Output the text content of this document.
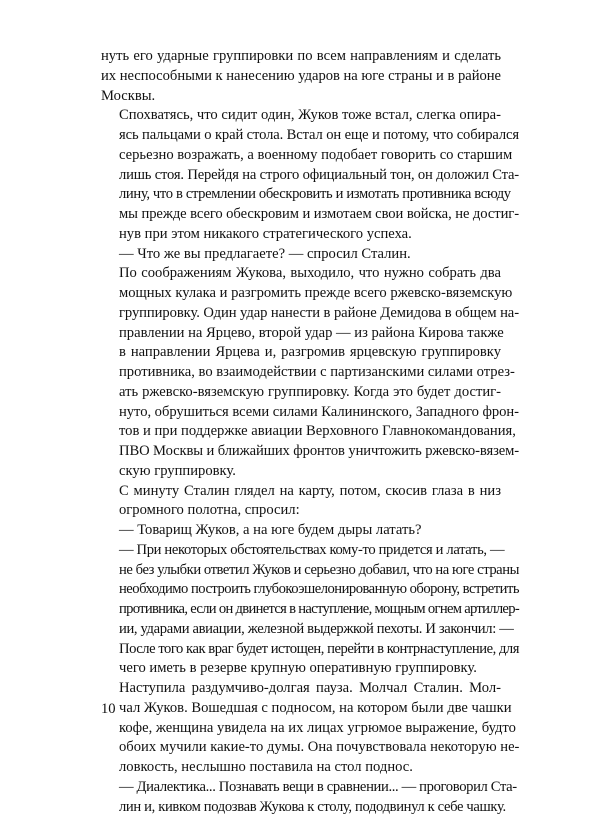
нуть его ударные группировки по всем направлениям и сделать
их неспособными к нанесению ударов на юге страны и в районе
Москвы.

Спохватясь, что сидит один, Жуков тоже встал, слегка опира-
ясь пальцами о край стола. Встал он еще и потому, что собирался
серьезно возражать, а военному подобает говорить со старшим
лишь стоя. Перейдя на строго официальный тон, он доложил Ста-
лину, что в стремлении обескровить и измотать противника всюду
мы прежде всего обескровим и измотаем свои войска, не достиг-
нув при этом никакого стратегического успеха.

— Что же вы предлагаете? — спросил Сталин.

По соображениям Жукова, выходило, что нужно собрать два
мощных кулака и разгромить прежде всего ржевско-вяземскую
группировку. Один удар нанести в районе Демидова в общем на-
правлении на Ярцево, второй удар — из района Кирова также
в направлении Ярцева и, разгромив ярцевскую группировку
противника, во взаимодействии с партизанскими силами отрез-
ать ржевско-вяземскую группировку. Когда это будет достиг-
нуто, обрушиться всеми силами Калининского, Западного фрон-
тов и при поддержке авиации Верховного Главнокомандования,
ПВО Москвы и ближайших фронтов уничтожить ржевско-вязем-
скую группировку.

С минуту Сталин глядел на карту, потом, скосив глаза в низ
огромного полотна, спросил:

— Товарищ Жуков, а на юге будем дыры латать?

— При некоторых обстоятельствах кому-то придется и латать, —
не без улыбки ответил Жуков и серьезно добавил, что на юге страны
необходимо построить глубокоэшелонированную оборону, встретить
противника, если он двинется в наступление, мощным огнем артиллер-
ии, ударами авиации, железной выдержкой пехоты. И закончил: —
После того как враг будет истощен, перейти в контрнаступление, для
чего иметь в резерве крупную оперативную группировку.

Наступила раздумчиво-долгая пауза. Молчал Сталин. Мол-
чал Жуков. Вошедшая с подносом, на котором были две чашки
кофе, женщина увидела на их лицах угрюмое выражение, будто
обоих мучили какие-то думы. Она почувствовала некоторую не-
ловкость, неслышно поставила на стол поднос.

— Диалектика... Познавать вещи в сравнении... — проговорил Ста-
лин и, кивком подозвав Жукова к столу, пододвинул к себе чашку.

10
